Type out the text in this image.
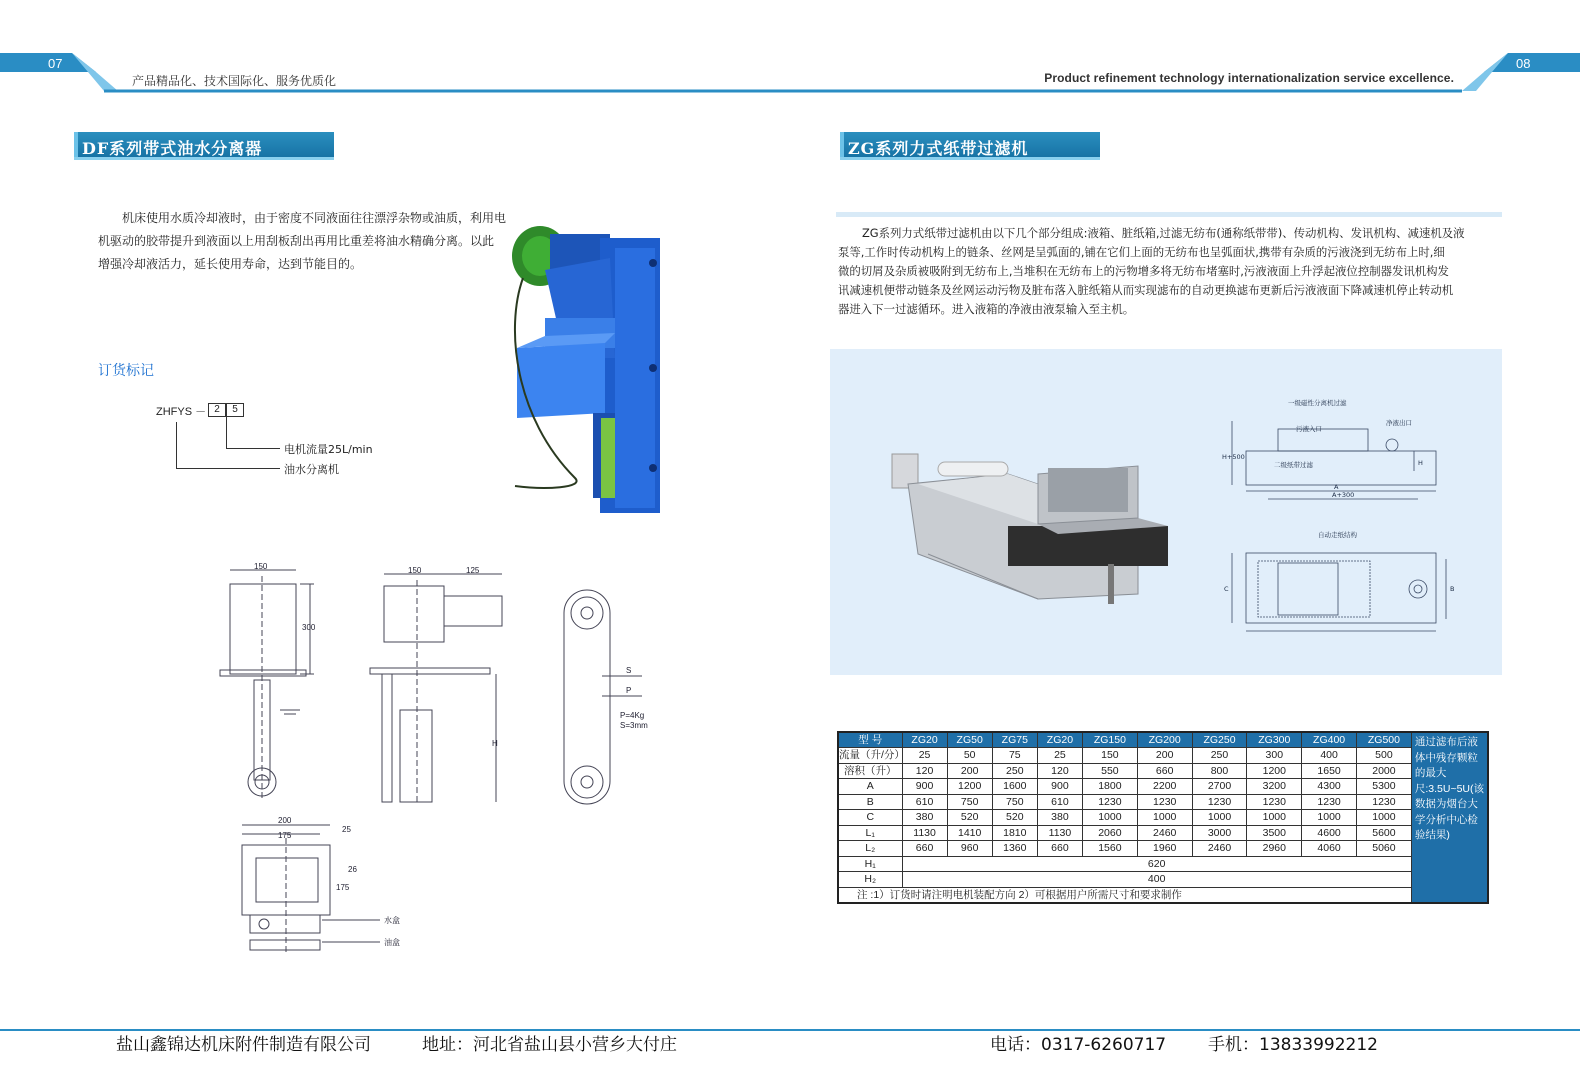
07	08
产品精品化、技术国际化、服务优质化	Product refinement technology internationalization service excellence.
DF系列带式油水分离器
机床使用水质冷却液时，由于密度不同液面往往漂浮杂物或油质，利用电
机驱动的胶带提升到液面以上用刮板刮出再用比重差将油水精确分离。以此
增强冷却液活力，延长使用寿命，达到节能目的。
订货标记
ZHFYS － 2	5
电机流量25L/min
油水分离机
150
300
150	125
H
S
P
P=4Kg
S=3mm
200
175
25
175
26
水盒
油盒
ZG系列力式纸带过滤机
ZG系列力式纸带过滤机由以下几个部分组成:液箱、脏纸箱,过滤无纺布(通称纸带带)、传动机构、发讯机构、减速机及液
泵等,工作时传动机构上的链条、丝网是呈弧面的,铺在它们上面的无纺布也呈弧面状,携带有杂质的污液浇到无纺布上时,细
微的切屑及杂质被吸附到无纺布上,当堆积在无纺布上的污物增多将无纺布堵塞时,污液液面上升浮起液位控制器发讯机构发
讯减速机便带动链条及丝网运动污物及脏布落入脏纸箱从而实现滤布的自动更换滤布更新后污液液面下降减速机停止转动机
器进入下一过滤循环。进入液箱的净液由液泵输入至主机。
一级磁性分离机过滤
污液入口
净液出口
二级纸带过滤
A
A+300
H+500
H
自动走纸结构
C	B
型 号	ZG20	ZG50	ZG75	ZG20	ZG150	ZG200	ZG250	ZG300	ZG400	ZG500	通过滤布后液体中残存颗粒的最大尺:3.5U~5U(该数据为烟台大学分析中心检验结果)
流量（升/分）	25	50	75	25	150	200	250	300	400	500	
溶积（升）	120	200	250	120	550	660	800	1200	1650	2000	
A	900	1200	1600	900	1800	2200	2700	3200	4300	5300	
B	610	750	750	610	1230	1230	1230	1230	1230	1230	
C	380	520	520	380	1000	1000	1000	1000	1000	1000	
L₁	1130	1410	1810	1130	2060	2460	3000	3500	4600	5600	
L₂	660	960	1360	660	1560	1960	2460	2960	4060	5060	
H₁	620										
H₂	400										
注 :1）订货时请注明电机装配方向 2）可根据用户所需尺寸和要求制作											
盐山鑫锦达机床附件制造有限公司	地址：河北省盐山县小营乡大付庄	电话：0317-6260717 手机：13833992212
